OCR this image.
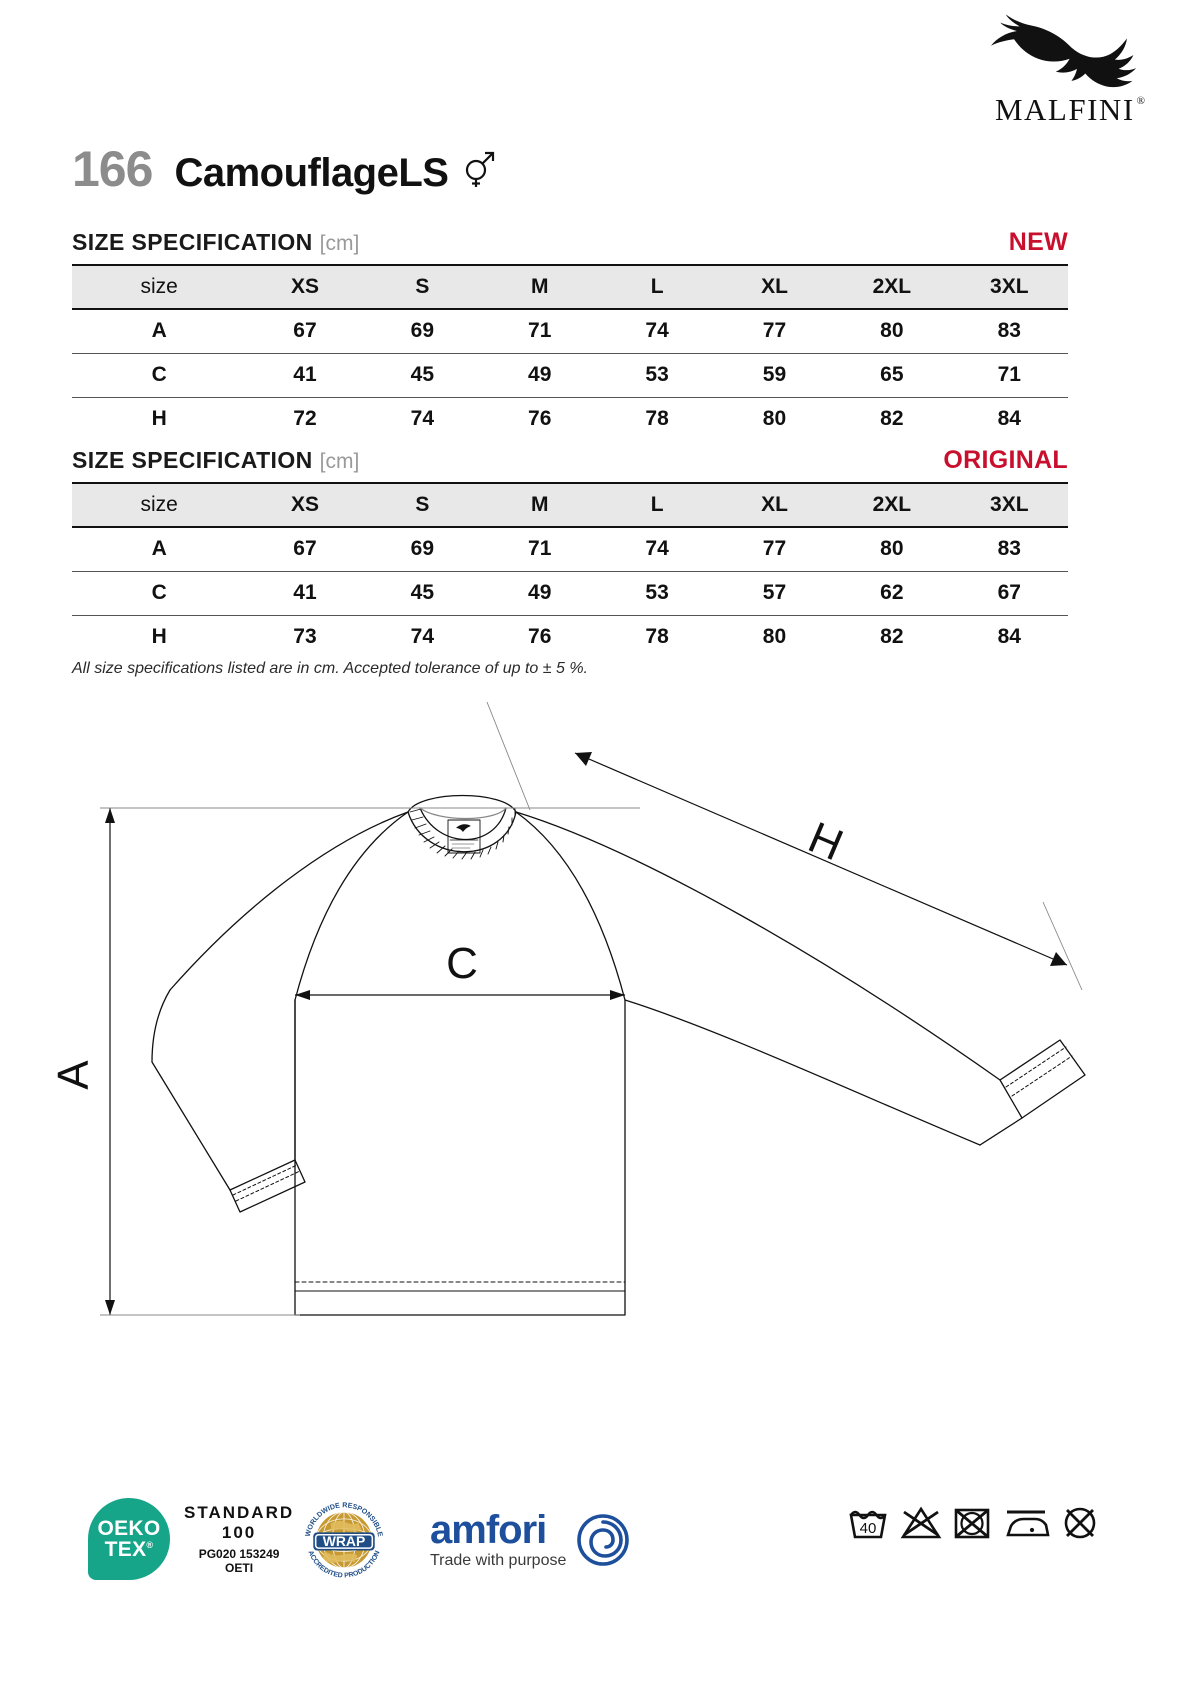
MALFINI ®
166 CamouflageLS
SIZE SPECIFICATION [cm]	NEW
size	XS	S	M	L	XL	2XL	3XL
A	67	69	71	74	77	80	83
C	41	45	49	53	59	65	71
H	72	74	76	78	80	82	84
SIZE SPECIFICATION [cm]	ORIGINAL
size	XS	S	M	L	XL	2XL	3XL
A	67	69	71	74	77	80	83
C	41	45	49	53	57	62	67
H	73	74	76	78	80	82	84
All size specifications listed are in cm. Accepted tolerance of up to ± 5 %.
A
C
H
OEKO
TEX®
STANDARD
100
PG020 153249
OETI
WRAP
WORLDWIDE RESPONSIBLE
ACCREDITED PRODUCTION
amfori
Trade with purpose
40
